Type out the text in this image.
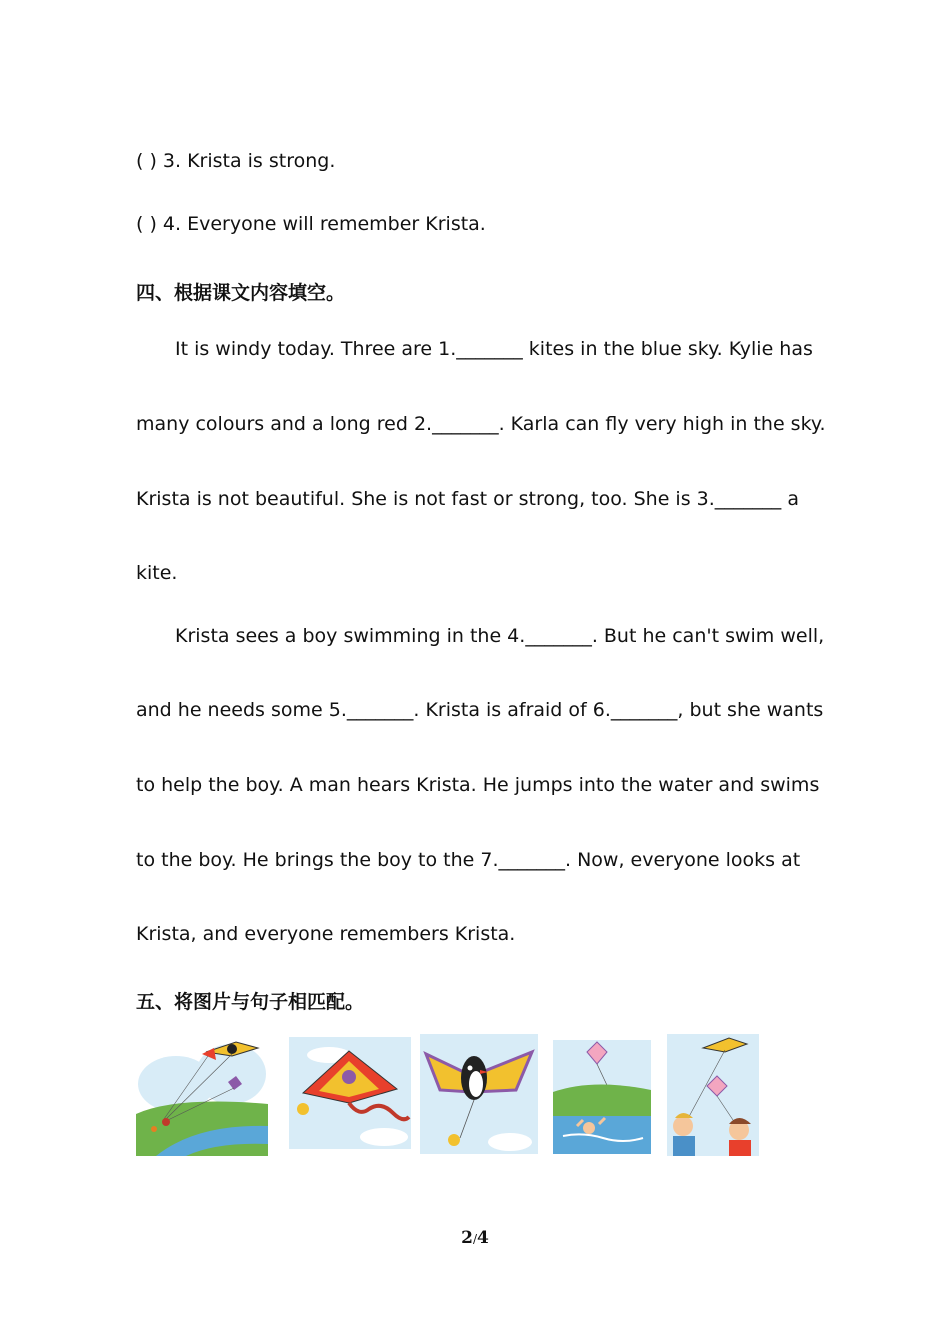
( ) 3. Krista is strong.
( ) 4. Everyone will remember Krista.
四、根据课文内容填空。
It is windy today. Three are 1._______ kites in the blue sky. Kylie has
many colours and a long red 2._______. Karla can fly very high in the sky.
Krista is not beautiful. She is not fast or strong, too. She is 3._______ a
kite.
Krista sees a boy swimming in the 4._______. But he can't swim well,
and he needs some 5._______. Krista is afraid of 6._______, but she wants
to help the boy. A man hears Krista. He jumps into the water and swims
to the boy. He brings the boy to the 7._______. Now, everyone looks at
Krista, and everyone remembers Krista.
五、将图片与句子相匹配。
2/4
